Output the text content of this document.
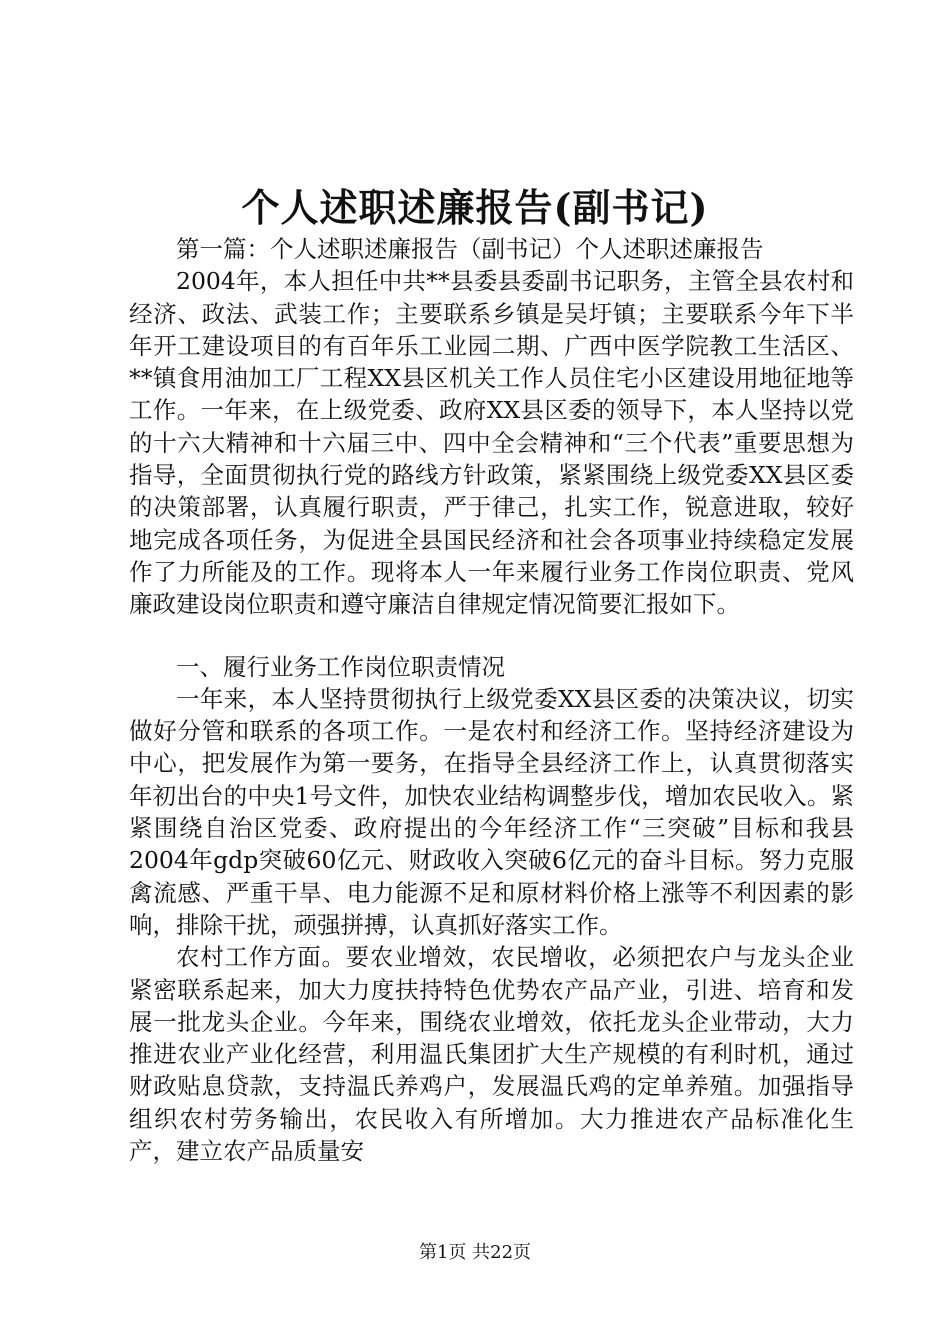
个人述职述廉报告(副书记)

第一篇：个人述职述廉报告（副书记）个人述职述廉报告

2004年，本人担任中共**县委县委副书记职务，主管全县农村和经济、政法、武装工作；主要联系乡镇是吴圩镇；主要联系今年下半年开工建设项目的有百年乐工业园二期、广西中医学院教工生活区、**镇食用油加工厂工程XX县区机关工作人员住宅小区建设用地征地等工作。一年来，在上级党委、政府XX县区委的领导下，本人坚持以党的十六大精神和十六届三中、四中全会精神和“三个代表”重要思想为指导，全面贯彻执行党的路线方针政策，紧紧围绕上级党委XX县区委的决策部署，认真履行职责，严于律己，扎实工作，锐意进取，较好地完成各项任务，为促进全县国民经济和社会各项事业持续稳定发展作了力所能及的工作。现将本人一年来履行业务工作岗位职责、党风廉政建设岗位职责和遵守廉洁自律规定情况简要汇报如下。

一、履行业务工作岗位职责情况

一年来，本人坚持贯彻执行上级党委XX县区委的决策决议，切实做好分管和联系的各项工作。一是农村和经济工作。坚持经济建设为中心，把发展作为第一要务，在指导全县经济工作上，认真贯彻落实年初出台的中央1号文件，加快农业结构调整步伐，增加农民收入。紧紧围绕自治区党委、政府提出的今年经济工作“三突破”目标和我县2004年gdp突破60亿元、财政收入突破6亿元的奋斗目标。努力克服禽流感、严重干旱、电力能源不足和原材料价格上涨等不利因素的影响，排除干扰，顽强拼搏，认真抓好落实工作。

农村工作方面。要农业增效，农民增收，必须把农户与龙头企业紧密联系起来，加大力度扶持特色优势农产品产业，引进、培育和发展一批龙头企业。今年来，围绕农业增效，依托龙头企业带动，大力推进农业产业化经营，利用温氏集团扩大生产规模的有利时机，通过财政贴息贷款，支持温氏养鸡户，发展温氏鸡的定单养殖。加强指导组织农村劳务输出，农民收入有所增加。大力推进农产品标准化生产，建立农产品质量安

第1页 共22页
